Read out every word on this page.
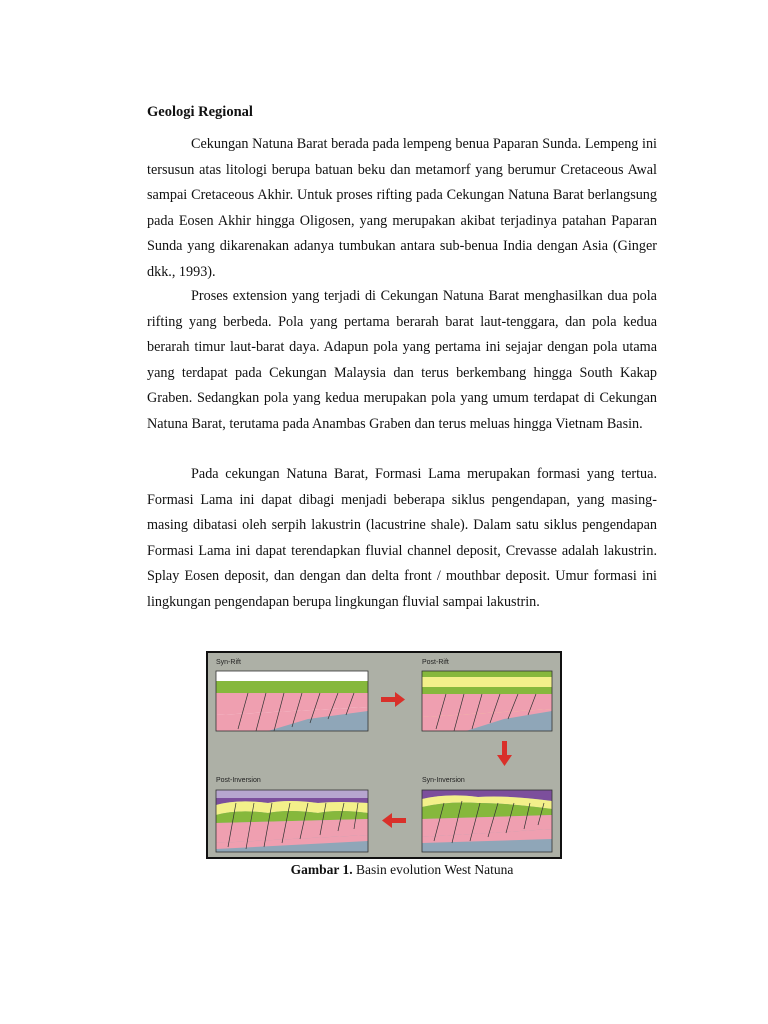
Geologi Regional

Cekungan Natuna Barat berada pada lempeng benua Paparan Sunda. Lempeng ini tersusun atas litologi berupa batuan beku dan metamorf yang berumur Cretaceous Awal sampai Cretaceous Akhir. Untuk proses rifting pada Cekungan Natuna Barat berlangsung pada Eosen Akhir hingga Oligosen, yang merupakan akibat terjadinya patahan Paparan Sunda yang dikarenakan adanya tumbukan antara sub-benua India dengan Asia (Ginger dkk., 1993).

Proses extension yang terjadi di Cekungan Natuna Barat menghasilkan dua pola rifting yang berbeda. Pola yang pertama berarah barat laut-tenggara, dan pola kedua berarah timur laut-barat daya. Adapun pola yang pertama ini sejajar dengan pola utama yang terdapat pada Cekungan Malaysia dan terus berkembang hingga South Kakap Graben. Sedangkan pola yang kedua merupakan pola yang umum terdapat di Cekungan Natuna Barat, terutama pada Anambas Graben dan terus meluas hingga Vietnam Basin.

Pada cekungan Natuna Barat, Formasi Lama merupakan formasi yang tertua. Formasi Lama ini dapat dibagi menjadi beberapa siklus pengendapan, yang masing-masing dibatasi oleh serpih lakustrin (lacustrine shale). Dalam satu siklus pengendapan Formasi Lama ini dapat terendapkan fluvial channel deposit, Crevasse adalah lakustrin. Splay Eosen deposit, dan dengan dan delta front / mouthbar deposit. Umur formasi ini lingkungan pengendapan berupa lingkungan fluvial sampai lakustrin.

Syn-Rift	Post-Rift
Syn-Inversion
Post-Inversion
Gambar 1. Basin evolution West Natuna
